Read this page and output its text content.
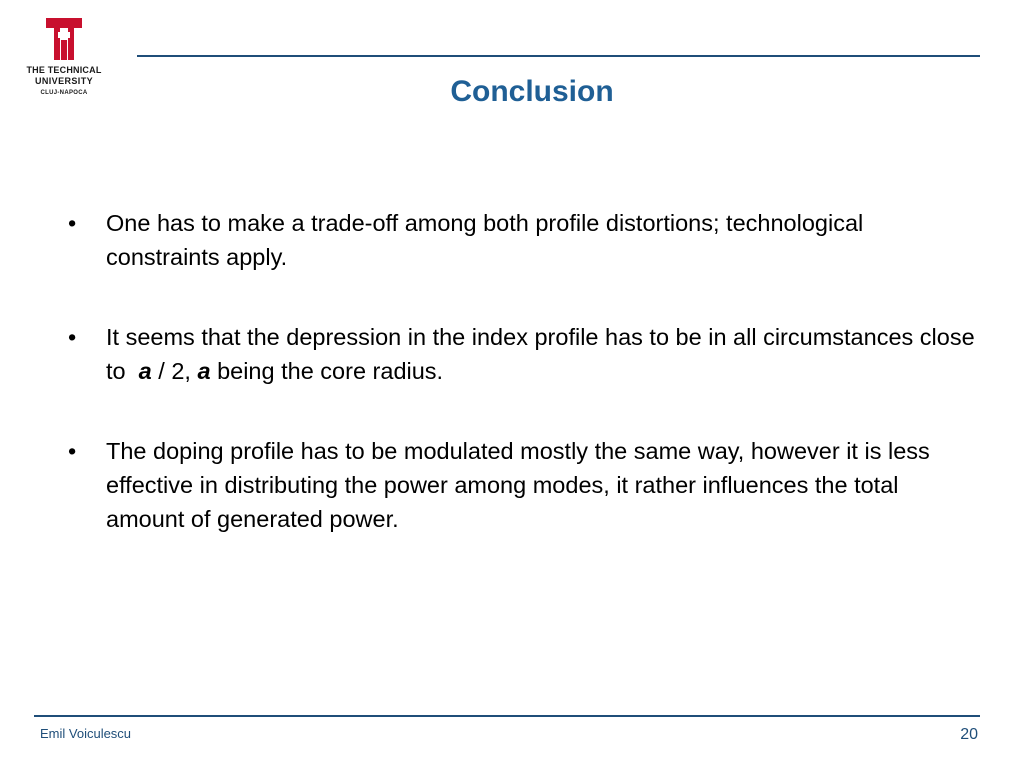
THE TECHNICAL
UNIVERSITY
CLUJ-NAPOCA	Conclusion
• One has to make a trade-off among both profile distortions; technological constraints apply.
• It seems that the depression in the index profile has to be in all circumstances close to  a / 2, a being the core radius.
• The doping profile has to be modulated mostly the same way, however it is less effective in distributing the power among modes, it rather influences the total amount of generated power.
Emil Voiculescu	20
